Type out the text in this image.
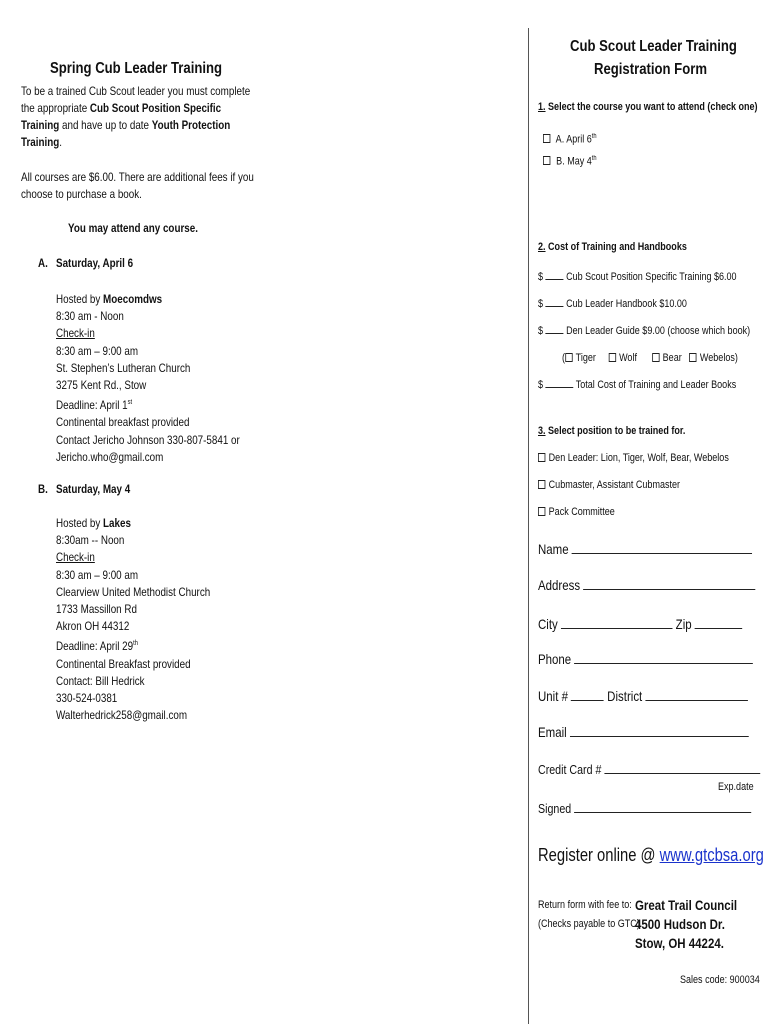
Spring Cub Leader Training
To be a trained Cub Scout leader you must complete
the appropriate Cub Scout Position Specific
Training and have up to date Youth Protection
Training.
All courses are $6.00. There are additional fees if you
choose to purchase a book.
You may attend any course.
A. Saturday, April 6
Hosted by Moecomdws
8:30 am - Noon
Check-in
8:30 am – 9:00 am
St. Stephen’s Lutheran Church
3275 Kent Rd., Stow
Deadline: April 1st
Continental breakfast provided
Contact Jericho Johnson 330-807-5841 or
Jericho.who@gmail.com
B. Saturday, May 4
Hosted by Lakes
8:30am -- Noon
Check-in
8:30 am – 9:00 am
Clearview United Methodist Church
1733 Massillon Rd
Akron OH 44312
Deadline: April 29th
Continental Breakfast provided
Contact: Bill Hedrick
330-524-0381
Walterhedrick258@gmail.com
Cub Scout Leader Training
Registration Form
1. Select the course you want to attend (check one)
A. April 6th
B. May 4th
2. Cost of Training and Handbooks
$ Cub Scout Position Specific Training $6.00
$ Cub Leader Handbook $10.00
$ Den Leader Guide $9.00 (choose which book)
( Tiger Wolf Bear Webelos)
$	Total Cost of Training and Leader Books
3. Select position to be trained for.
Den Leader: Lion, Tiger, Wolf, Bear, Webelos
Cubmaster, Assistant Cubmaster
Pack Committee
Name
Address
City	Zip
Phone
Unit #	District
Email
Credit Card #
Exp.date
Signed
Register online @ www.gtcbsa.org
Return form with fee to:
(Checks payable to GTC)
Great Trail Council
4500 Hudson Dr.
Stow, OH 44224.
Sales code: 900034
